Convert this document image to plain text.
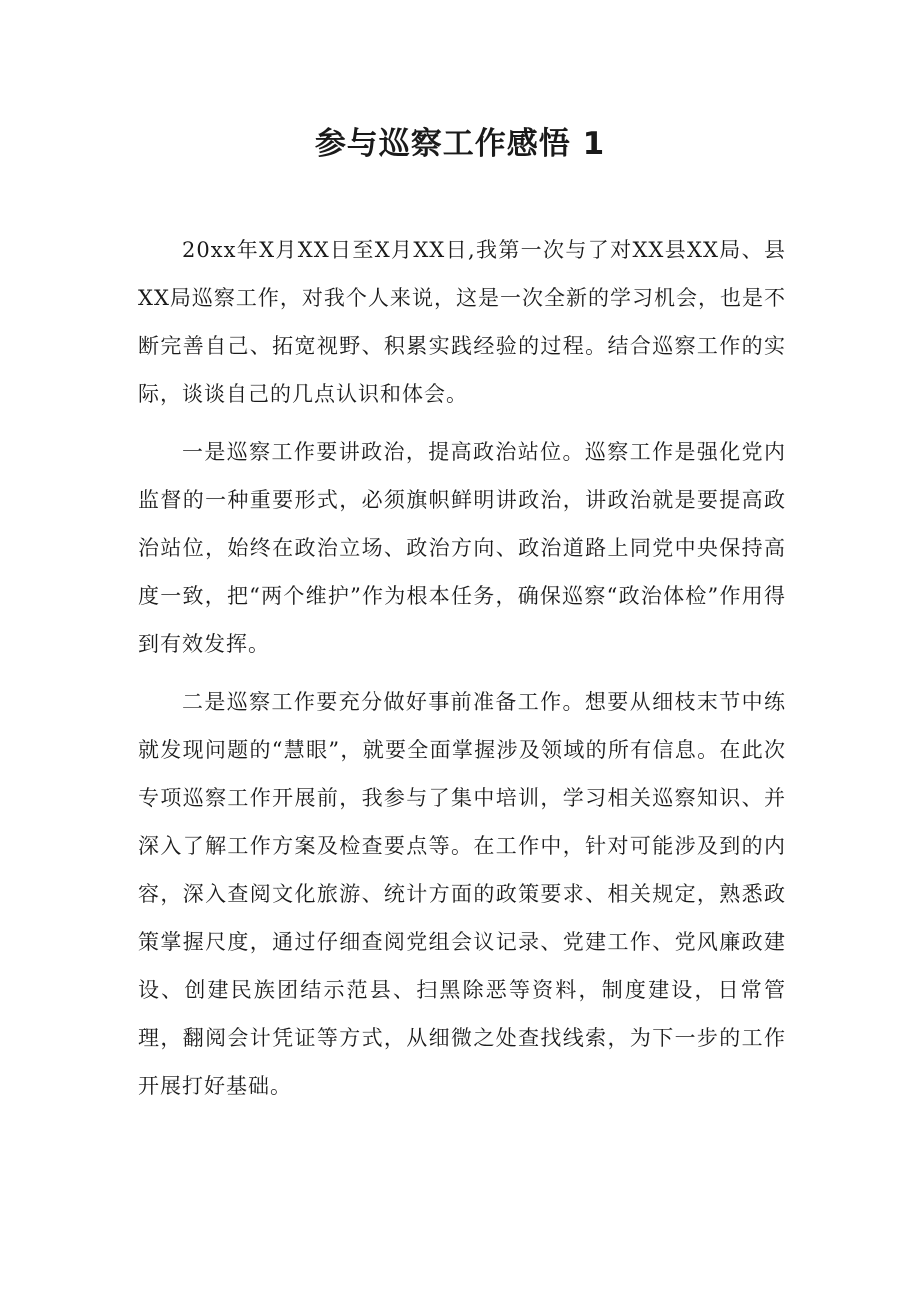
参与巡察工作感悟 1

20xx年X月XX日至X月XX日,我第一次与了对XX县XX局、县XX局巡察工作，对我个人来说，这是一次全新的学习机会，也是不断完善自己、拓宽视野、积累实践经验的过程。结合巡察工作的实际，谈谈自己的几点认识和体会。

一是巡察工作要讲政治，提高政治站位。巡察工作是强化党内监督的一种重要形式，必须旗帜鲜明讲政治，讲政治就是要提高政治站位，始终在政治立场、政治方向、政治道路上同党中央保持高度一致，把“两个维护”作为根本任务，确保巡察“政治体检”作用得到有效发挥。

二是巡察工作要充分做好事前准备工作。想要从细枝末节中练就发现问题的“慧眼”，就要全面掌握涉及领域的所有信息。在此次专项巡察工作开展前，我参与了集中培训，学习相关巡察知识、并深入了解工作方案及检查要点等。在工作中，针对可能涉及到的内容，深入查阅文化旅游、统计方面的政策要求、相关规定，熟悉政策掌握尺度，通过仔细查阅党组会议记录、党建工作、党风廉政建设、创建民族团结示范县、扫黑除恶等资料，制度建设，日常管理，翻阅会计凭证等方式，从细微之处查找线索，为下一步的工作开展打好基础。
